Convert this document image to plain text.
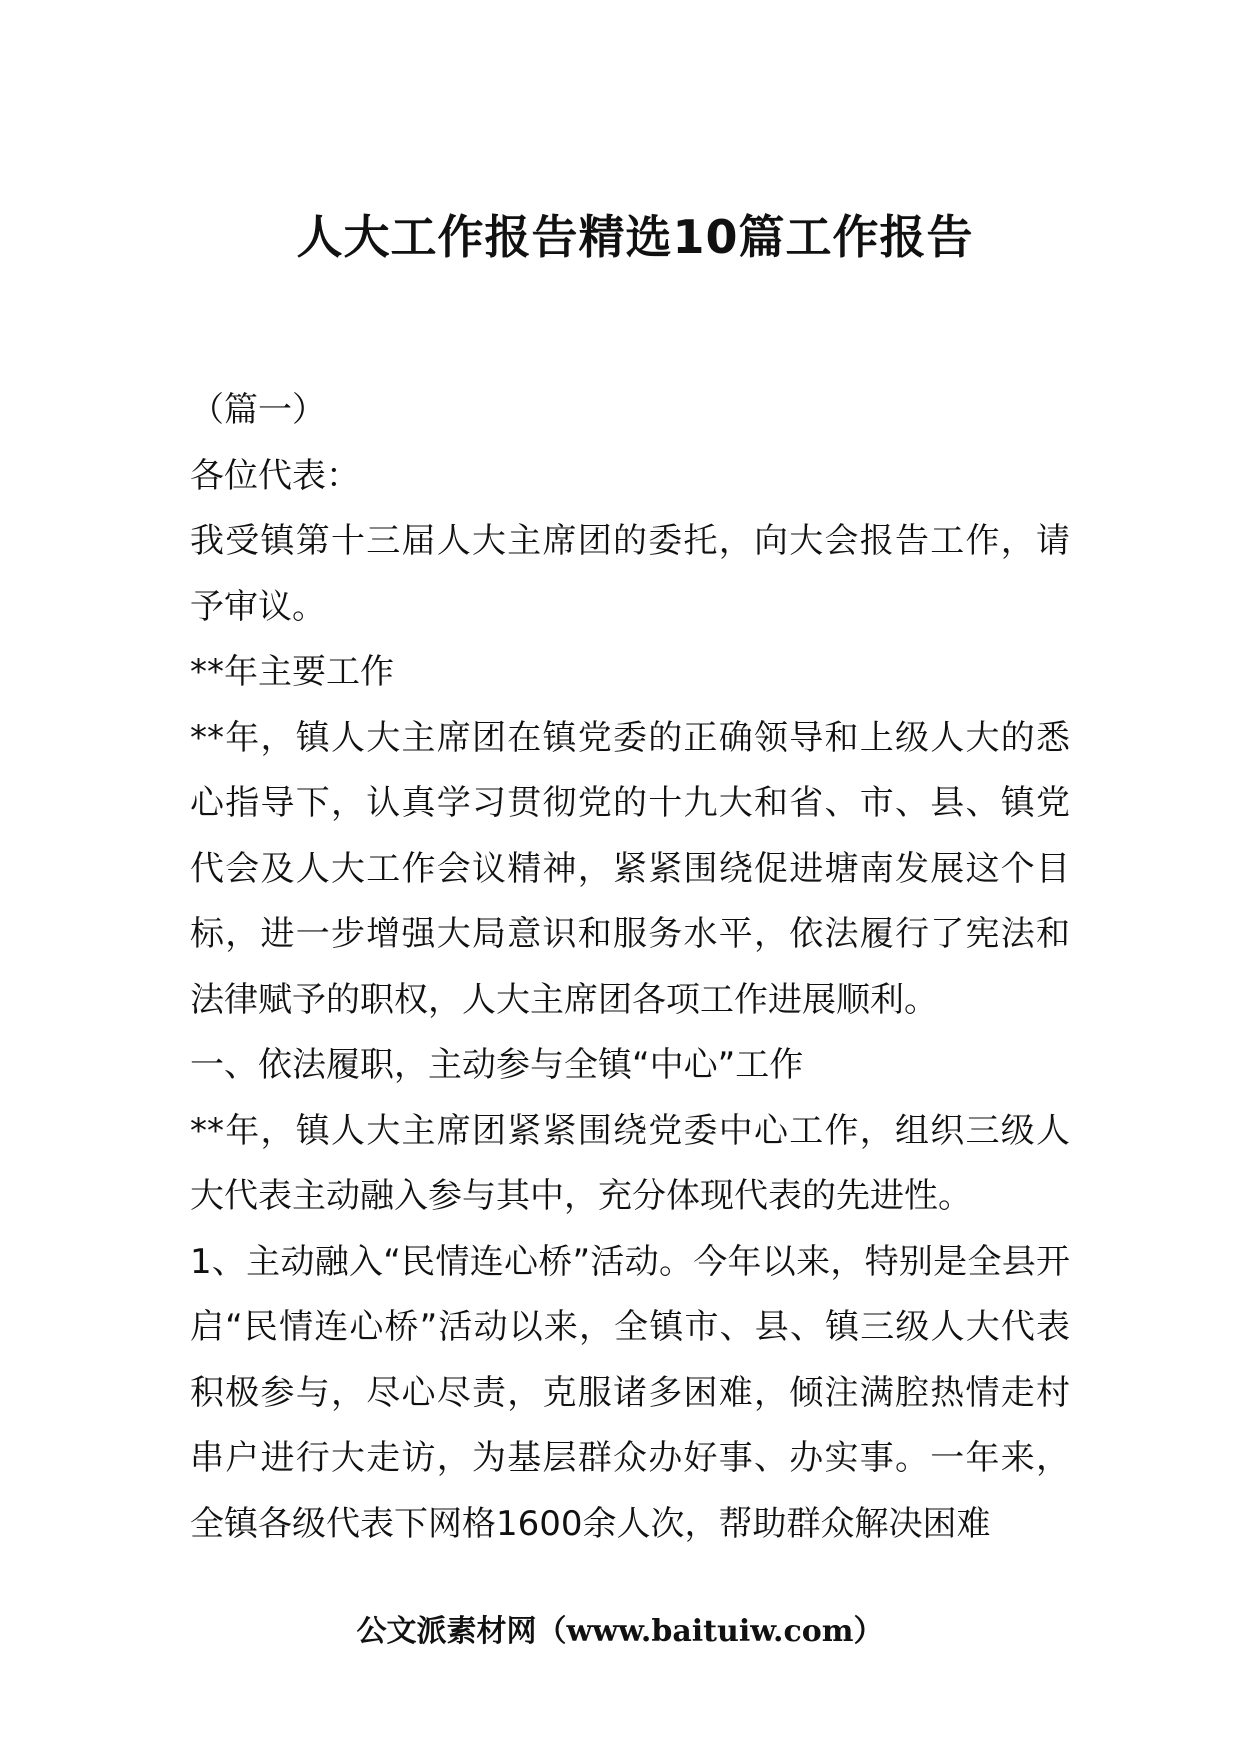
人大工作报告精选10篇工作报告

（篇一）

各位代表：

我受镇第十三届人大主席团的委托，向大会报告工作，请予审议。

**年主要工作

**年，镇人大主席团在镇党委的正确领导和上级人大的悉心指导下，认真学习贯彻党的十九大和省、市、县、镇党代会及人大工作会议精神，紧紧围绕促进塘南发展这个目标，进一步增强大局意识和服务水平，依法履行了宪法和法律赋予的职权，人大主席团各项工作进展顺利。

一、依法履职，主动参与全镇“中心”工作

**年，镇人大主席团紧紧围绕党委中心工作，组织三级人大代表主动融入参与其中，充分体现代表的先进性。

1、主动融入“民情连心桥”活动。今年以来，特别是全县开启“民情连心桥”活动以来，全镇市、县、镇三级人大代表积极参与，尽心尽责，克服诸多困难，倾注满腔热情走村串户进行大走访，为基层群众办好事、办实事。一年来，全镇各级代表下网格1600余人次，帮助群众解决困难

公文派素材网（www.baituiw.com）
